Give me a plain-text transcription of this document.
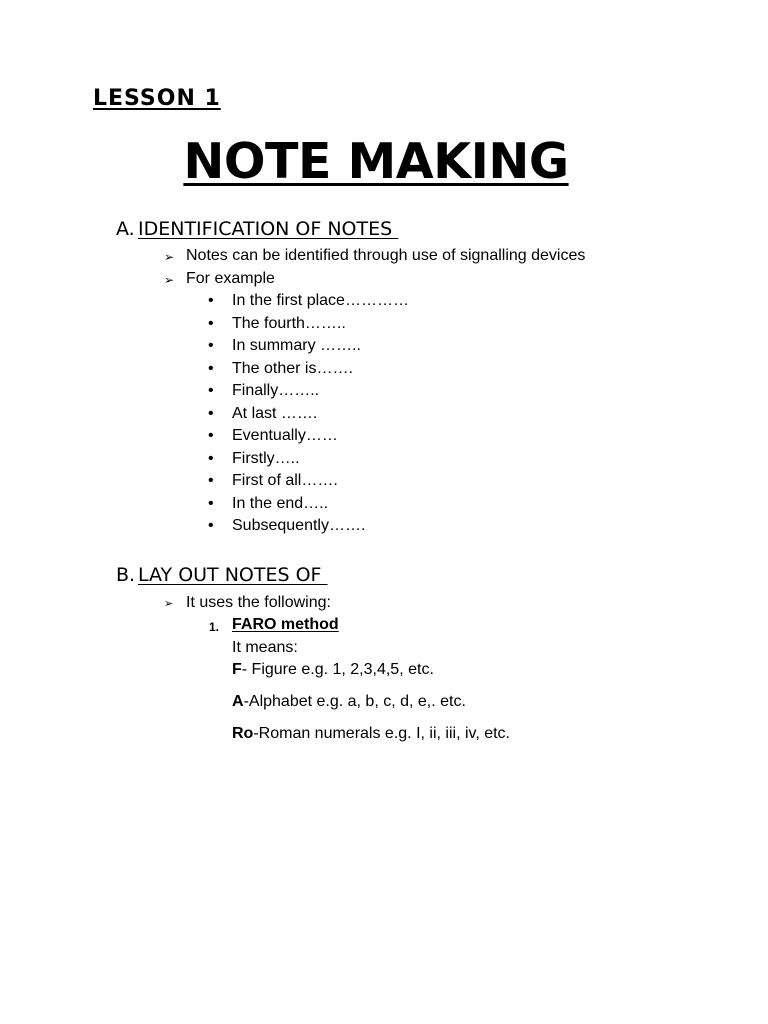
LESSON 1
NOTE MAKING
A. IDENTIFICATION OF NOTES
➢ Notes can be identified through use of signalling devices
➢ For example
• In the first place…………
• The fourth……..
• In summary ……..
• The other is…….
• Finally……..
• At last …….
• Eventually……
• Firstly…..
• First of all…….
• In the end…..
• Subsequently…….
B. LAY OUT NOTES OF
➢ It uses the following:
1. FARO method
It means:
F- Figure e.g. 1, 2,3,4,5, etc.
A-Alphabet e.g. a, b, c, d, e,. etc.
Ro-Roman numerals e.g. I, ii, iii, iv, etc.
